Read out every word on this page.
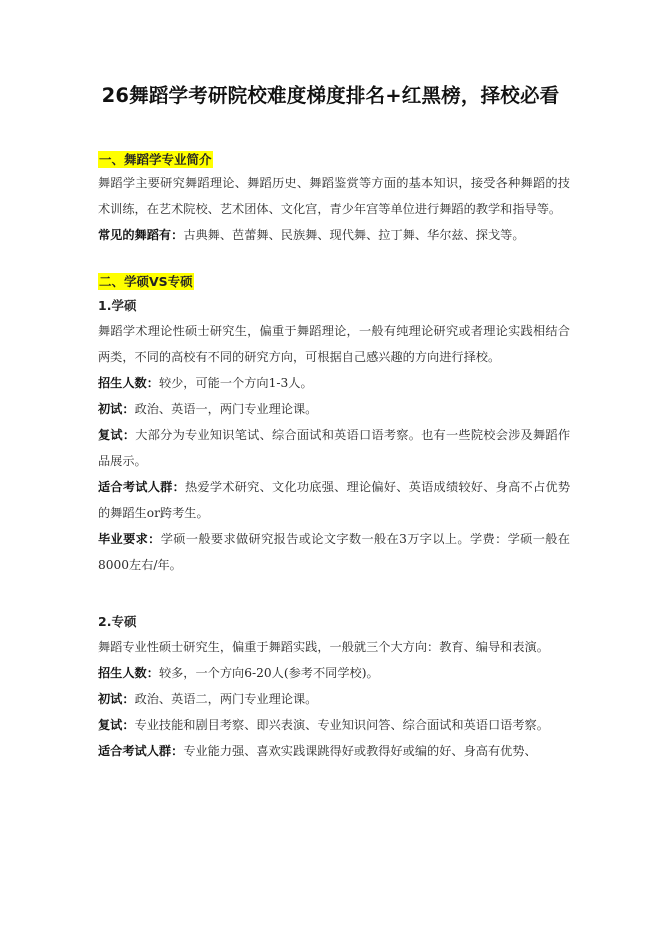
26舞蹈学考研院校难度梯度排名+红黑榜，择校必看
一、舞蹈学专业简介

舞蹈学主要研究舞蹈理论、舞蹈历史、舞蹈鉴赏等方面的基本知识，接受各种舞蹈的技术训练，在艺术院校、艺术团体、文化宫，青少年宫等单位进行舞蹈的教学和指导等。

常见的舞蹈有：古典舞、芭蕾舞、民族舞、现代舞、拉丁舞、华尔兹、探戈等。

二、学硕VS专硕
1.学硕

舞蹈学术理论性硕士研究生，偏重于舞蹈理论，一般有纯理论研究或者理论实践相结合两类，不同的高校有不同的研究方向，可根据自己感兴趣的方向进行择校。

招生人数：较少，可能一个方向1-3人。

初试：政治、英语一，两门专业理论课。

复试：大部分为专业知识笔试、综合面试和英语口语考察。也有一些院校会涉及舞蹈作品展示。

适合考试人群：热爱学术研究、文化功底强、理论偏好、英语成绩较好、身高不占优势的舞蹈生or跨考生。

毕业要求：学硕一般要求做研究报告或论文字数一般在3万字以上。学费：学硕一般在8000左右/年。

2.专硕

舞蹈专业性硕士研究生，偏重于舞蹈实践，一般就三个大方向：教育、编导和表演。

招生人数：较多，一个方向6-20人(参考不同学校)。

初试：政治、英语二，两门专业理论课。

复试：专业技能和剧目考察、即兴表演、专业知识问答、综合面试和英语口语考察。

适合考试人群：专业能力强、喜欢实践课跳得好或教得好或编的好、身高有优势、
